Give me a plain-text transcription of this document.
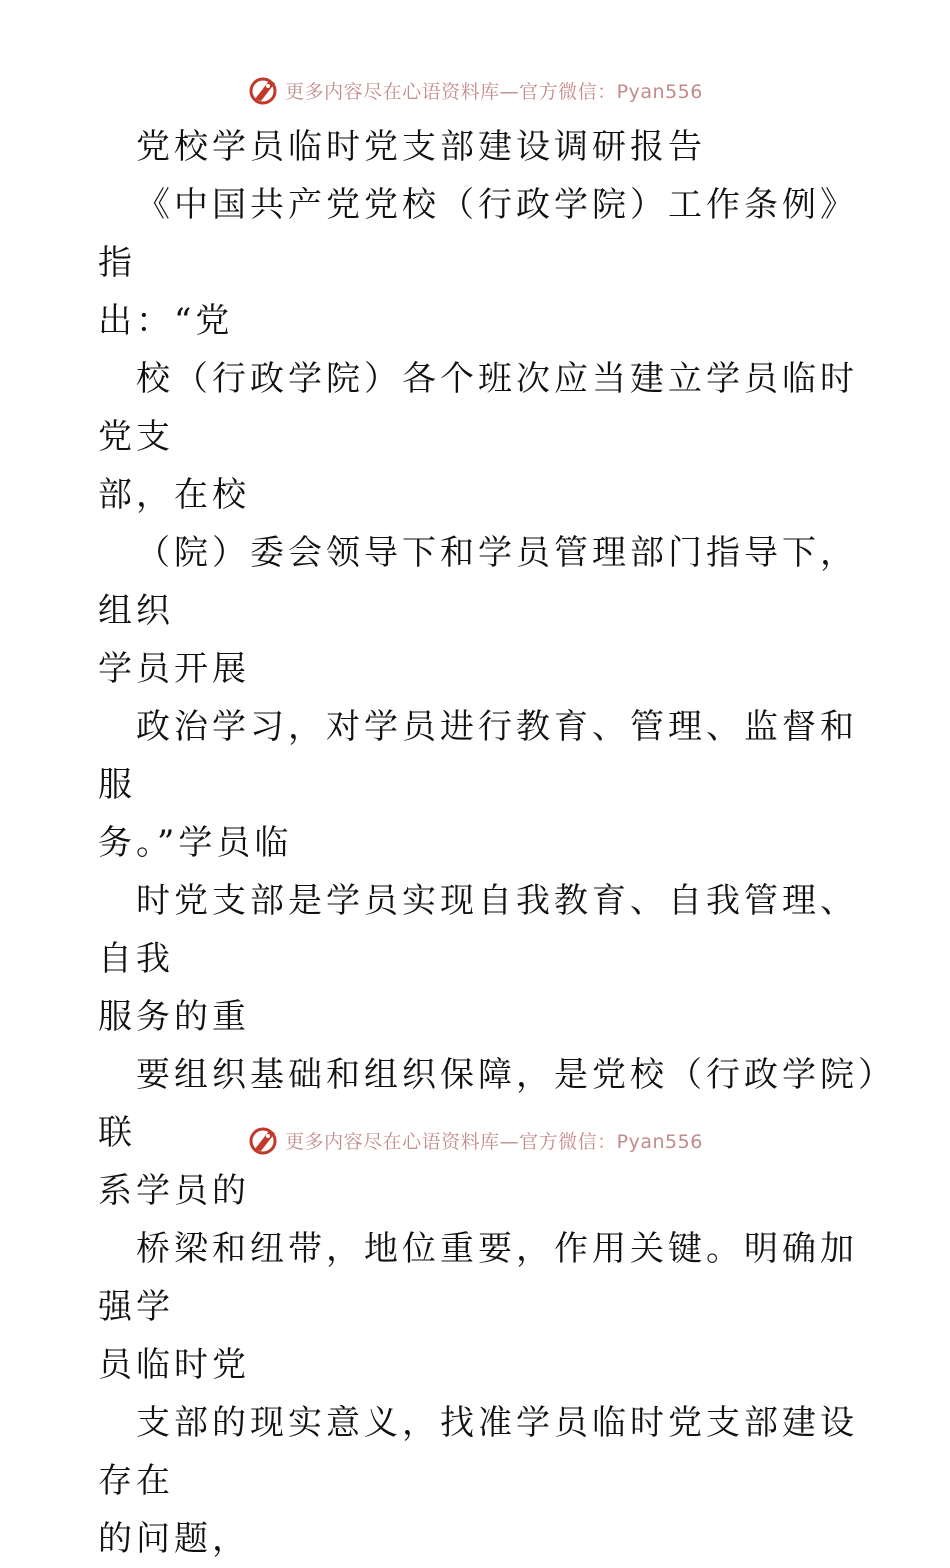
更多内容尽在心语资料库—官方微信：Pyan556

党校学员临时党支部建设调研报告

《中国共产党党校（行政学院）工作条例》指
出：“党

校（行政学院）各个班次应当建立学员临时党支
部，在校

（院）委会领导下和学员管理部门指导下，组织
学员开展

政治学习，对学员进行教育、管理、监督和服
务。”学员临

时党支部是学员实现自我教育、自我管理、自我
服务的重

要组织基础和组织保障，是党校（行政学院）联
系学员的

桥梁和纽带，地位重要，作用关键。明确加强学
员临时党

支部的现实意义，找准学员临时党支部建设存在
的问题，

更多内容尽在心语资料库—官方微信：Pyan556
